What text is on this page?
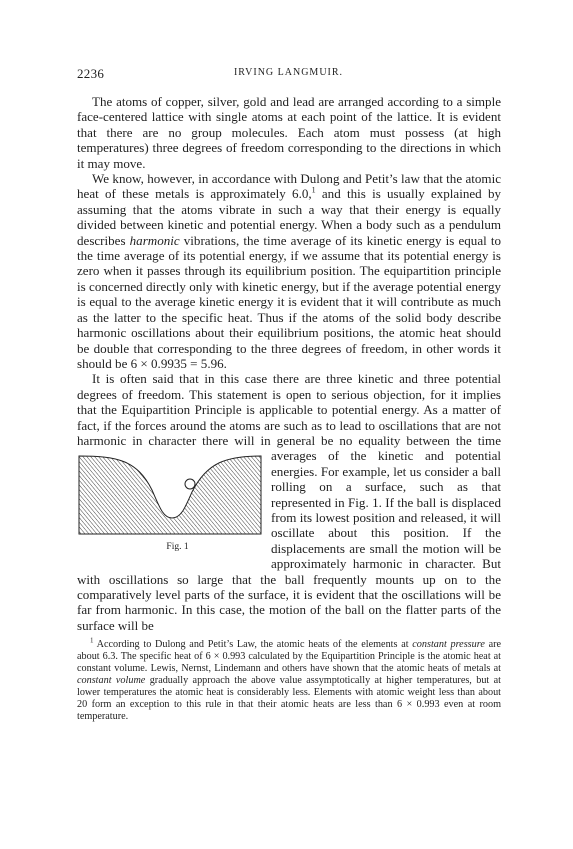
2236	IRVING LANGMUIR.

The atoms of copper, silver, gold and lead are arranged according to a simple face-centered lattice with single atoms at each point of the lattice. It is evident that there are no group molecules. Each atom must possess (at high temperatures) three degrees of freedom corresponding to the directions in which it may move.

We know, however, in accordance with Dulong and Petit’s law that the atomic heat of these metals is approximately 6.0,$^1$ and this is usually explained by assuming that the atoms vibrate in such a way that their energy is equally divided between kinetic and potential energy. When a body such as a pendulum describes harmonic vibrations, the time average of its kinetic energy is equal to the time average of its potential energy, if we assume that its potential energy is zero when it passes through its equilibrium position. The equipartition principle is concerned directly only with kinetic energy, but if the average potential energy is equal to the average kinetic energy it is evident that it will contribute as much as the latter to the specific heat. Thus if the atoms of the solid body describe harmonic oscillations about their equilibrium positions, the atomic heat should be double that corresponding to the three degrees of freedom, in other words it should be 6 × 0.9935 = 5.96.

It is often said that in this case there are three kinetic and three potential degrees of freedom. This statement is open to serious objection, for it implies that the Equipartition Principle is applicable to potential energy. As a matter of fact, if the forces around the atoms are such as to lead to oscillations that are not harmonic in character there will in general be no equality between the time averages of the kinetic
Fig. 1
and potential energies. For example, let us consider a ball rolling on a surface, such as that represented in Fig. 1. If the ball is displaced from its lowest position and released, it will oscillate about this position. If the displacements are small the motion will be approximately harmonic in character. But with oscillations so large that the ball frequently mounts up on to the comparatively level parts of the surface, it is evident that the oscillations will be far from harmonic. In this case, the motion of the ball on the flatter parts of the surface will be

$^1$ According to Dulong and Petit’s Law, the atomic heats of the elements at constant pressure are about 6.3. The specific heat of 6 × 0.993 calculated by the Equipartition Principle is the atomic heat at constant volume. Lewis, Nernst, Lindemann and others have shown that the atomic heats of metals at constant volume gradually approach the above value assymptotically at higher temperatures, but at lower temperatures the atomic heat is considerably less. Elements with atomic weight less than about 20 form an exception to this rule in that their atomic heats are less than 6 × 0.993 even at room temperature.
